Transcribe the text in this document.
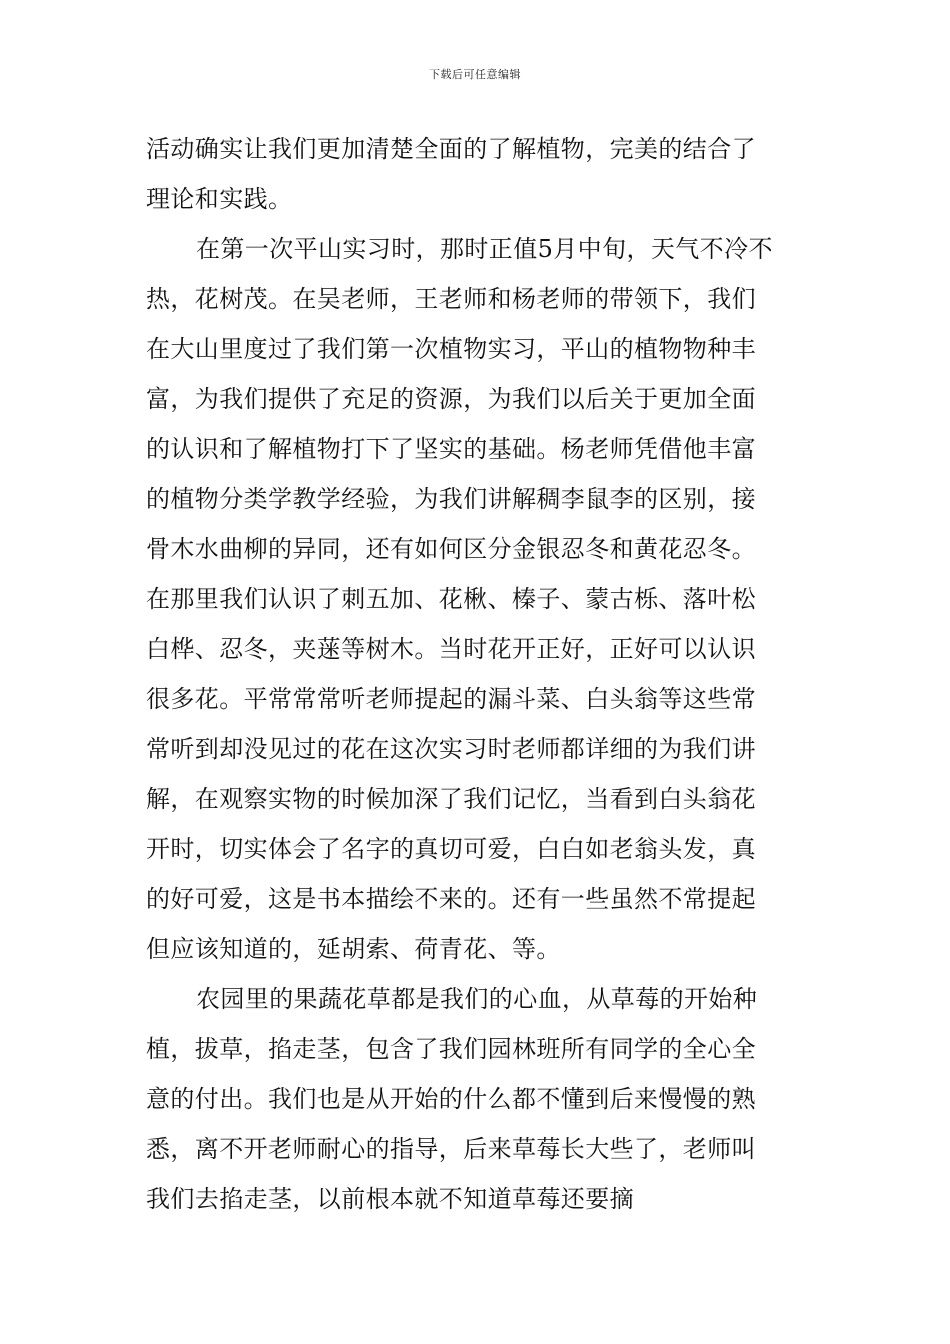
下载后可任意编辑
活动确实让我们更加清楚全面的了解植物，完美的结合了
理论和实践。
在第一次平山实习时，那时正值5月中旬，天气不冷不
热，花树茂。在吴老师，王老师和杨老师的带领下，我们
在大山里度过了我们第一次植物实习，平山的植物物种丰
富，为我们提供了充足的资源，为我们以后关于更加全面
的认识和了解植物打下了坚实的基础。杨老师凭借他丰富
的植物分类学教学经验，为我们讲解稠李鼠李的区别，接
骨木水曲柳的异同，还有如何区分金银忍冬和黄花忍冬。
在那里我们认识了刺五加、花楸、榛子、蒙古栎、落叶松
白桦、忍冬，夹蒾等树木。当时花开正好，正好可以认识
很多花。平常常常听老师提起的漏斗菜、白头翁等这些常
常听到却没见过的花在这次实习时老师都详细的为我们讲
解，在观察实物的时候加深了我们记忆，当看到白头翁花
开时，切实体会了名字的真切可爱，白白如老翁头发，真
的好可爱，这是书本描绘不来的。还有一些虽然不常提起
但应该知道的，延胡索、荷青花、等。
农园里的果蔬花草都是我们的心血，从草莓的开始种
植，拔草，掐走茎，包含了我们园林班所有同学的全心全
意的付出。我们也是从开始的什么都不懂到后来慢慢的熟
悉，离不开老师耐心的指导，后来草莓长大些了，老师叫
我们去掐走茎，以前根本就不知道草莓还要摘
